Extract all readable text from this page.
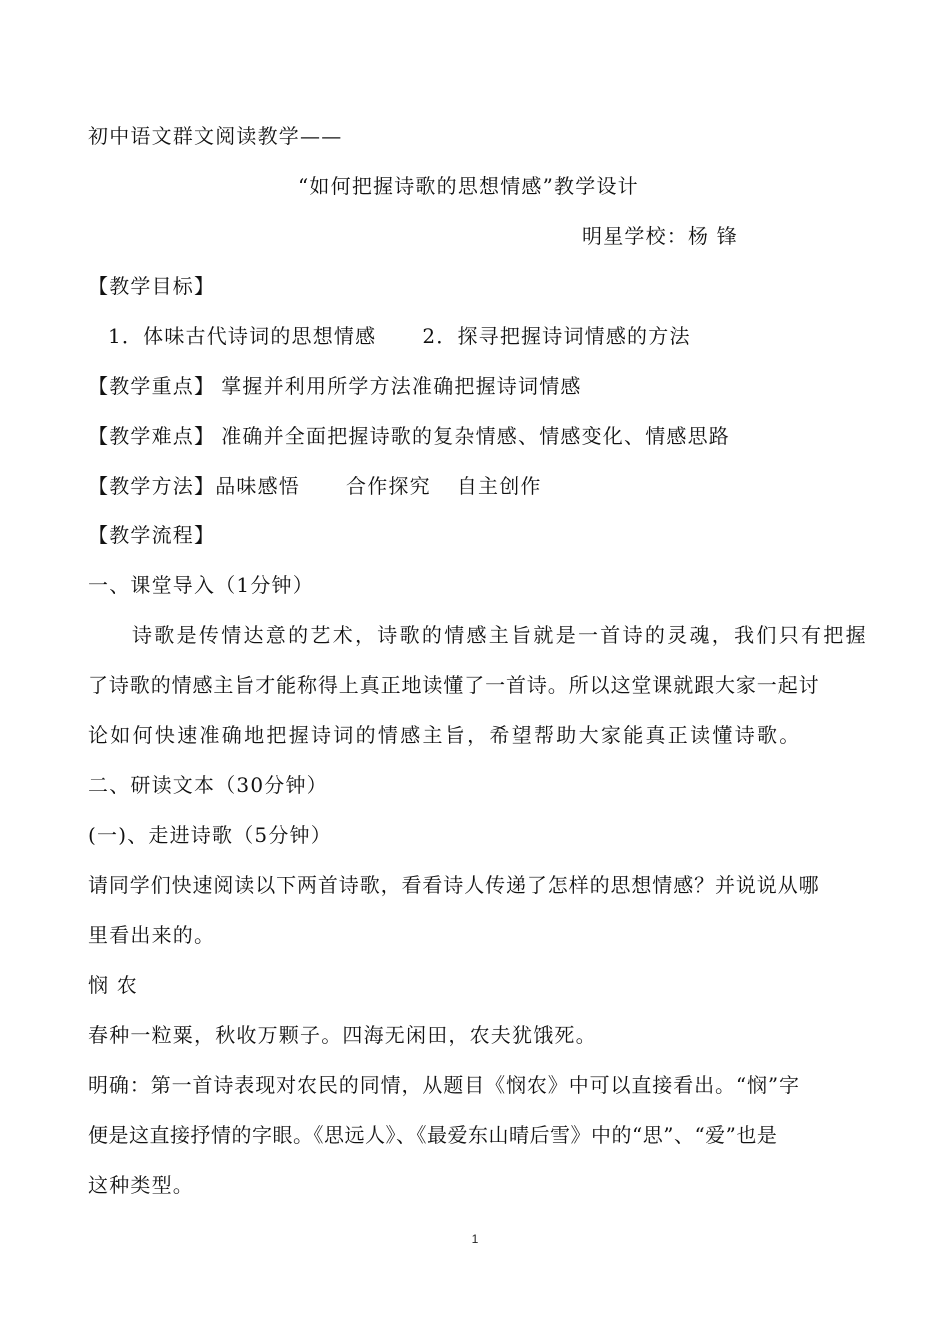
初中语文群文阅读教学——
“如何把握诗歌的思想情感”教学设计
明星学校：杨 锋
【教学目标】
1．体味古代诗词的思想情感 2．探寻把握诗词情感的方法
【教学重点】 掌握并利用所学方法准确把握诗词情感
【教学难点】 准确并全面把握诗歌的复杂情感、情感变化、情感思路
【教学方法】品味感悟 合作探究 自主创作
【教学流程】
一、课堂导入（1分钟）
诗歌是传情达意的艺术，诗歌的情感主旨就是一首诗的灵魂，我们只有把握
了诗歌的情感主旨才能称得上真正地读懂了一首诗。所以这堂课就跟大家一起讨
论如何快速准确地把握诗词的情感主旨，希望帮助大家能真正读懂诗歌。
二、研读文本（30分钟）
(一)、走进诗歌（5分钟）
请同学们快速阅读以下两首诗歌，看看诗人传递了怎样的思想情感？并说说从哪
里看出来的。
悯 农
春种一粒粟，秋收万颗子。四海无闲田，农夫犹饿死。
明确：第一首诗表现对农民的同情，从题目《悯农》中可以直接看出。“悯”字
便是这直接抒情的字眼。《思远人》、《最爱东山晴后雪》中的“思”、“爱”也是
这种类型。
1
